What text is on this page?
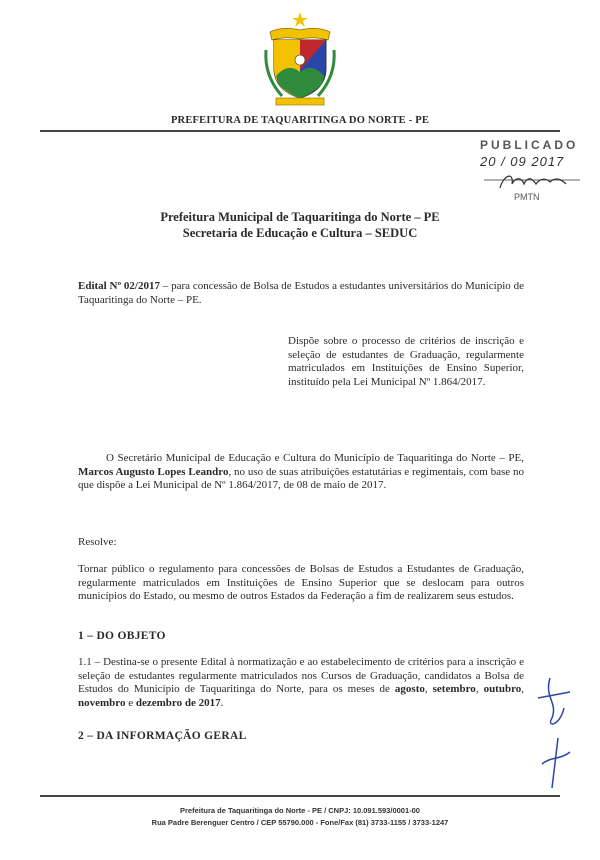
PREFEITURA DE TAQUARITINGA DO NORTE - PE
PUBLICADO
20 / 09 2017
PMTN
Prefeitura Municipal de Taquaritinga do Norte – PE
Secretaria de Educação e Cultura – SEDUC

Edital Nº 02/2017 – para concessão de Bolsa de Estudos a estudantes universitários do Município de Taquaritinga do Norte – PE.

Dispõe sobre o processo de critérios de inscrição e seleção de estudantes de Graduação, regularmente matriculados em Instituições de Ensino Superior, instituído pela Lei Municipal Nº 1.864/2017.

O Secretário Municipal de Educação e Cultura do Município de Taquaritinga do Norte – PE, Marcos Augusto Lopes Leandro, no uso de suas atribuições estatutárias e regimentais, com base no que dispõe a Lei Municipal de Nº 1.864/2017, de 08 de maio de 2017.

Resolve:

Tornar público o regulamento para concessões de Bolsas de Estudos a Estudantes de Graduação, regularmente matriculados em Instituições de Ensino Superior que se deslocam para outros municípios do Estado, ou mesmo de outros Estados da Federação a fim de realizarem seus estudos.

1 – DO OBJETO

1.1 – Destina-se o presente Edital à normatização e ao estabelecimento de critérios para a inscrição e seleção de estudantes regularmente matriculados nos Cursos de Graduação, candidatos a Bolsa de Estudos do Município de Taquaritinga do Norte, para os meses de agosto, setembro, outubro, novembro e dezembro de 2017.

2 – DA INFORMAÇÃO GERAL

Prefeitura de Taquaritinga do Norte - PE / CNPJ: 10.091.593/0001-00
Rua Padre Berenguer Centro / CEP 55790.000 - Fone/Fax (81) 3733-1155 / 3733-1247
